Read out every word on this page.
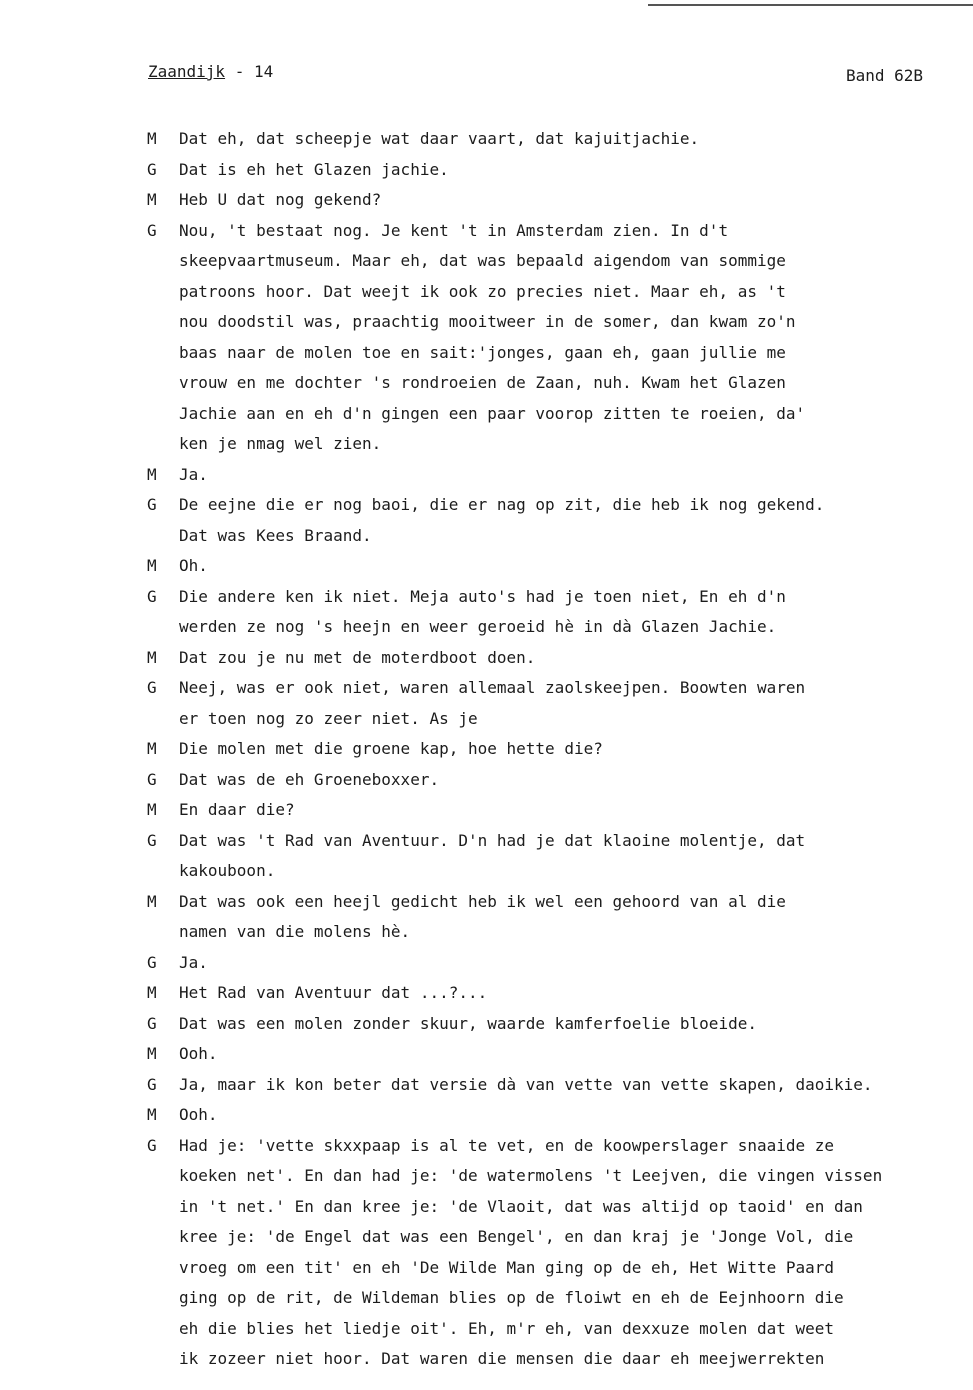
Zaandijk - 14	Band 62B
M	Dat eh, dat scheepje wat daar vaart, dat kajuitjachie.
G	Dat is eh het Glazen jachie.
M	Heb U dat nog gekend?
G	Nou, 't bestaat nog. Je kent 't in Amsterdam zien. In d't
skeepvaartmuseum. Maar eh, dat was bepaald aigendom van sommige
patroons hoor. Dat weejt ik ook zo precies niet. Maar eh, as 't
nou doodstil was, praachtig mooitweer in de somer, dan kwam zo'n
baas naar de molen toe en sait:'jonges, gaan eh, gaan jullie me
vrouw en me dochter 's rondroeien de Zaan, nuh. Kwam het Glazen
Jachie aan en eh d'n gingen een paar voorop zitten te roeien, da'
ken je nmag wel zien.
M	Ja.
G	De eejne die er nog baoi, die er nag op zit, die heb ik nog gekend.
Dat was Kees Braand.
M	Oh.
G	Die andere ken ik niet. Meja auto's had je toen niet, En eh d'n
werden ze nog 's heejn en weer geroeid hè in dà Glazen Jachie.
M	Dat zou je nu met de moterdboot doen.
G	Neej, was er ook niet, waren allemaal zaolskeejpen. Boowten waren
er toen nog zo zeer niet. As je
M	Die molen met die groene kap, hoe hette die?
G	Dat was de eh Groeneboxxer.
M	En daar die?
G	Dat was 't Rad van Aventuur. D'n had je dat klaoine molentje, dat
kakouboon.
M	Dat was ook een heejl gedicht heb ik wel een gehoord van al die
namen van die molens hè.
G	Ja.
M	Het Rad van Aventuur dat ...?...
G	Dat was een molen zonder skuur, waarde kamferfoelie bloeide.
M	Ooh.
G	Ja, maar ik kon beter dat versie dà van vette van vette skapen, daoikie.
M	Ooh.
G	Had je: 'vette skxxpaap is al te vet, en de koowperslager snaaide ze
koeken net'. En dan had je: 'de watermolens 't Leejven, die vingen vissen
in 't net.' En dan kree je: 'de Vlaoit, dat was altijd op taoid' en dan
kree je: 'de Engel dat was een Bengel', en dan kraj je 'Jonge Vol, die
vroeg om een tit' en eh 'De Wilde Man ging op de eh, Het Witte Paard
ging op de rit, de Wildeman blies op de floiwt en eh de Eejnhoorn die
eh die blies het liedje oit'. Eh, m'r eh, van dexxuze molen dat weet
ik zozeer niet hoor. Dat waren die mensen die daar eh meejwerrekten
